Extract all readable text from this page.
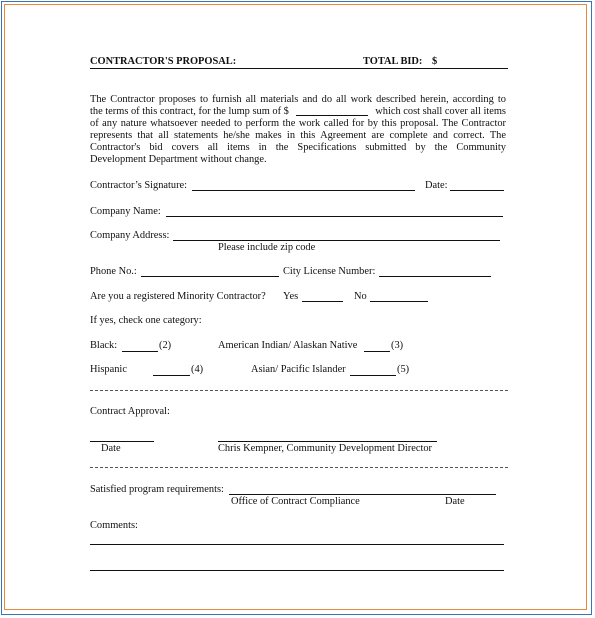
CONTRACTOR'S PROPOSAL:	TOTAL BID: $
The Contractor proposes to furnish all materials and do all work described herein, according to
the terms of this contract, for the lump sum of $	which cost shall cover all items
of any nature whatsoever needed to perform the work called for by this proposal. The Contractor
represents that all statements he/she makes in this Agreement are complete and correct. The
Contractor's bid covers all items in the Specifications submitted by the Community
Development Department without change.
Contractor’s Signature:	Date:
Company Name:
Company Address:
Please include zip code
Phone No.:	City License Number:
Are you a registered Minority Contractor? Yes	No
If yes, check one category:
Black:	(2)	American Indian/ Alaskan Native	(3)
Hispanic	(4)	Asian/ Pacific Islander	(5)
Contract Approval:
Date	Chris Kempner, Community Development Director
Satisfied program requirements:
Office of Contract Compliance	Date
Comments:
